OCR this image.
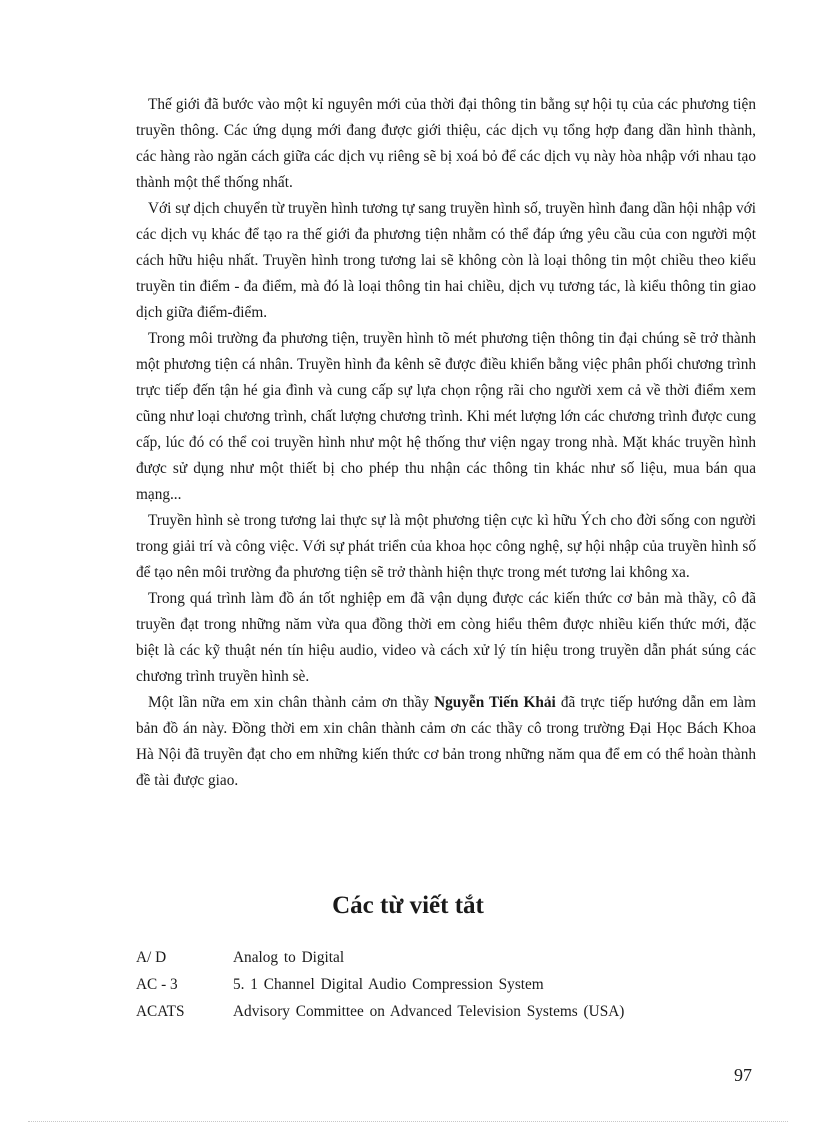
Thế giới đã bước vào một kỉ nguyên mới của thời đại thông tin bằng sự hội tụ của các phương tiện truyền thông. Các ứng dụng mới đang được giới thiệu, các dịch vụ tổng hợp đang dần hình thành, các hàng rào ngăn cách giữa các dịch vụ riêng sẽ bị xoá bỏ để các dịch vụ này hòa nhập với nhau tạo thành một thể thống nhất.

Với sự dịch chuyển từ truyền hình tương tự sang truyền hình số, truyền hình đang dần hội nhập với các dịch vụ khác để tạo ra thế giới đa phương tiện nhằm có thể đáp ứng yêu cầu của con người một cách hữu hiệu nhất. Truyền hình trong tương lai sẽ không còn là loại thông tin một chiều theo kiểu truyền tin điểm - đa điểm, mà đó là loại thông tin hai chiều, dịch vụ tương tác, là kiểu thông tin giao dịch giữa điểm-điểm.

Trong môi trường đa phương tiện, truyền hình tõ mét phương tiện thông tin đại chúng sẽ trở thành một phương tiện cá nhân. Truyền hình đa kênh sẽ được điều khiển bằng việc phân phối chương trình trực tiếp đến tận hé gia đình và cung cấp sự lựa chọn rộng rãi cho người xem cả về thời điểm xem cũng như loại chương trình, chất lượng chương trình. Khi mét lượng lớn các chương trình được cung cấp, lúc đó có thể coi truyền hình như một hệ thống thư viện ngay trong nhà. Mặt khác truyền hình được sử dụng như một thiết bị cho phép thu nhận các thông tin khác như số liệu, mua bán qua mạng...

Truyền hình sè trong tương lai thực sự là một phương tiện cực kì hữu Ých cho đời sống con người trong giải trí và công việc. Với sự phát triển của khoa học công nghệ, sự hội nhập của truyền hình số để tạo nên môi trường đa phương tiện sẽ trở thành hiện thực trong mét tương lai không xa.

Trong quá trình làm đồ án tốt nghiệp em đã vận dụng được các kiến thức cơ bản mà thầy, cô đã truyền đạt trong những năm vừa qua đồng thời em còng hiểu thêm được nhiều kiến thức mới, đặc biệt là các kỹ thuật nén tín hiệu audio, video và cách xử lý tín hiệu trong truyền dẫn phát súng các chương trình truyền hình sè.

Một lần nữa em xin chân thành cảm ơn thầy Nguyễn Tiến Khải đã trực tiếp hướng dẫn em làm bản đồ án này. Đồng thời em xin chân thành cảm ơn các thầy cô trong trường Đại Học Bách Khoa Hà Nội đã truyền đạt cho em những kiến thức cơ bản trong những năm qua để em có thể hoàn thành đề tài được giao.

Các từ viết tắt
A/ D	Analog to Digital
AC - 3	5. 1 Channel Digital Audio Compression System
ACATS	Advisory Committee on Advanced Television Systems (USA)
97
